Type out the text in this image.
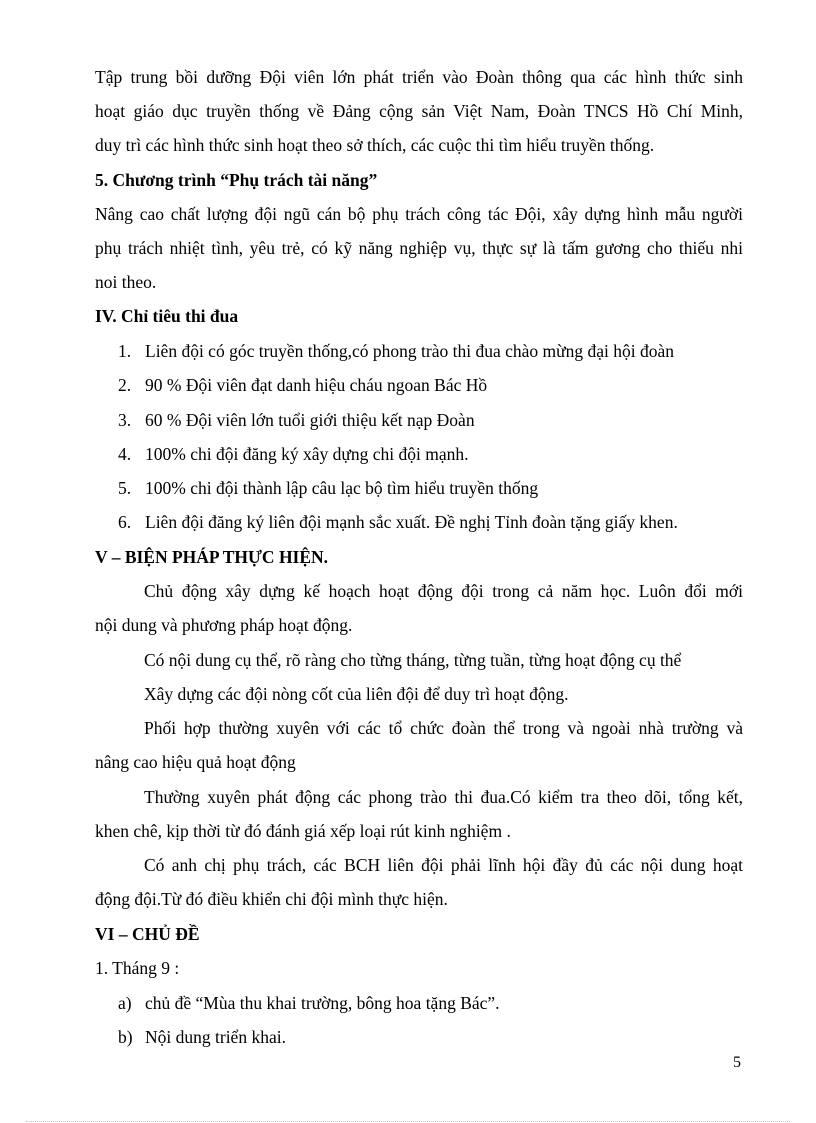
Tập trung bồi dưỡng Đội viên lớn phát triển vào Đoàn thông qua các hình thức sinh
hoạt giáo dục truyền thống về Đảng cộng sản Việt Nam, Đoàn TNCS Hồ Chí Minh,
duy trì các hình thức sinh hoạt theo sở thích, các cuộc thi tìm hiểu truyền thống.
5. Chương trình “Phụ trách tài năng”
Nâng cao chất lượng đội ngũ cán bộ phụ trách công tác Đội, xây dựng hình mẫu người
phụ trách nhiệt tình, yêu trẻ, có kỹ năng nghiệp vụ, thực sự là tấm gương cho thiếu nhi
noi theo.
IV. Chỉ tiêu thi đua
1. Liên đội có góc truyền thống,có phong trào thi đua chào mừng đại hội đoàn
2. 90 % Đội viên đạt danh hiệu cháu ngoan Bác Hồ
3. 60 % Đội viên lớn tuổi giới thiệu kết nạp Đoàn
4. 100% chi đội đăng ký xây dựng chi đội mạnh.
5. 100% chi đội thành lập câu lạc bộ tìm hiểu truyền thống
6. Liên đội đăng ký liên đội mạnh sắc xuất. Đề nghị Tỉnh đoàn tặng giấy khen.
V – BIỆN PHÁP THỰC HIỆN.
Chủ động xây dựng kế hoạch hoạt động đội trong cả năm học. Luôn đổi mới
nội dung và phương pháp hoạt động.
Có nội dung cụ thể, rõ ràng cho từng tháng, từng tuần, từng hoạt động cụ thể
Xây dựng các đội nòng cốt của liên đội để duy trì hoạt động.
Phối hợp thường xuyên với các tổ chức đoàn thể trong và ngoài nhà trường và
nâng cao hiệu quả hoạt động
Thường xuyên phát động các phong trào thi đua.Có kiểm tra theo dõi, tổng kết,
khen chê, kịp thời từ đó đánh giá xếp loại rút kinh nghiệm .
Có anh chị phụ trách, các BCH liên đội phải lĩnh hội đầy đủ các nội dung hoạt
động đội.Từ đó điều khiển chi đội mình thực hiện.
VI – CHỦ ĐỀ
1. Tháng 9 :
a) chủ đề “Mùa thu khai trường, bông hoa tặng Bác”.
b) Nội dung triển khai.
5
